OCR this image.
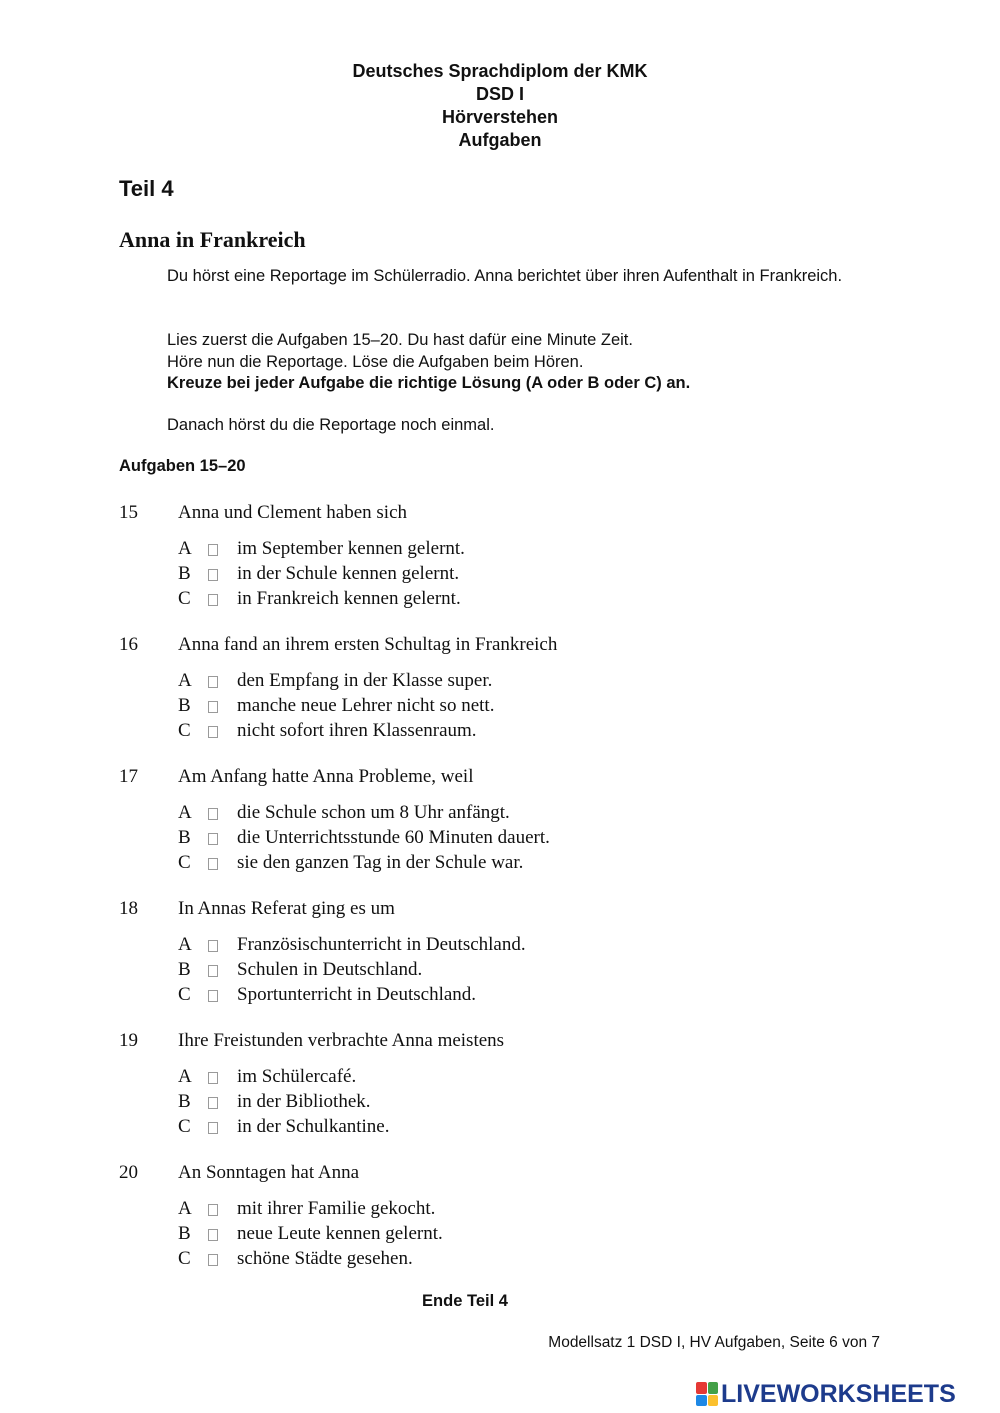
Deutsches Sprachdiplom der KMK
DSD I
Hörverstehen
Aufgaben
Teil 4
Anna in Frankreich
Du hörst eine Reportage im Schülerradio. Anna berichtet über ihren Aufenthalt in Frankreich.
Lies zuerst die Aufgaben 15–20. Du hast dafür eine Minute Zeit.
Höre nun die Reportage. Löse die Aufgaben beim Hören.
Kreuze bei jeder Aufgabe die richtige Lösung (A oder B oder C) an.
Danach hörst du die Reportage noch einmal.
Aufgaben 15–20
15 Anna und Clement haben sich
A im September kennen gelernt.
B in der Schule kennen gelernt.
C in Frankreich kennen gelernt.
16 Anna fand an ihrem ersten Schultag in Frankreich
A den Empfang in der Klasse super.
B manche neue Lehrer nicht so nett.
C nicht sofort ihren Klassenraum.
17 Am Anfang hatte Anna Probleme, weil
A die Schule schon um 8 Uhr anfängt.
B die Unterrichtsstunde 60 Minuten dauert.
C sie den ganzen Tag in der Schule war.
18 In Annas Referat ging es um
A Französischunterricht in Deutschland.
B Schulen in Deutschland.
C Sportunterricht in Deutschland.
19 Ihre Freistunden verbrachte Anna meistens
A im Schülercafé.
B in der Bibliothek.
C in der Schulkantine.
20 An Sonntagen hat Anna
A mit ihrer Familie gekocht.
B neue Leute kennen gelernt.
C schöne Städte gesehen.
Ende Teil 4
Modellsatz 1 DSD I, HV Aufgaben, Seite 6 von 7
LIVEWORKSHEETS
